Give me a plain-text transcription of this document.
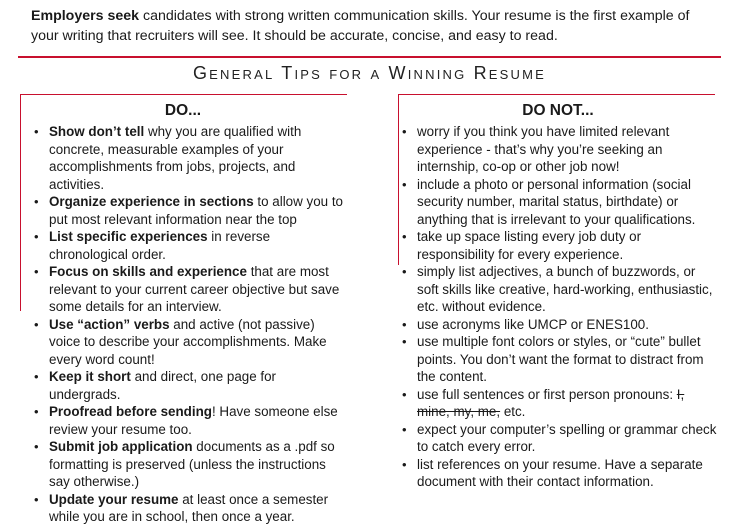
Employers seek candidates with strong written communication skills. Your resume is the first example of your writing that recruiters will see. It should be accurate, concise, and easy to read.
General Tips for a Winning Resume
DO...
• Show don’t tell why you are qualified with concrete, measurable examples of your accomplishments from jobs, projects, and activities.
• Organize experience in sections to allow you to put most relevant information near the top
• List specific experiences in reverse chronological order.
• Focus on skills and experience that are most relevant to your current career objective but save some details for an interview.
• Use “action” verbs and active (not passive) voice to describe your accomplishments. Make every word count!
• Keep it short and direct, one page for undergrads.
• Proofread before sending! Have someone else review your resume too.
• Submit job application documents as a .pdf so formatting is preserved (unless the instructions say otherwise.)
• Update your resume at least once a semester while you are in school, then once a year.
DO NOT...
• worry if you think you have limited relevant experience - that’s why you’re seeking an internship, co-op or other job now!
• include a photo or personal information (social security number, marital status, birthdate) or anything that is irrelevant to your qualifications.
• take up space listing every job duty or responsibility for every experience.
• simply list adjectives, a bunch of buzzwords, or soft skills like creative, hard-working, enthusiastic, etc. without evidence.
• use acronyms like UMCP or ENES100.
• use multiple font colors or styles, or “cute” bullet points. You don’t want the format to distract from the content.
• use full sentences or first person pronouns: I, mine, my, me, etc.
• expect your computer’s spelling or grammar check to catch every error.
• list references on your resume. Have a separate document with their contact information.
